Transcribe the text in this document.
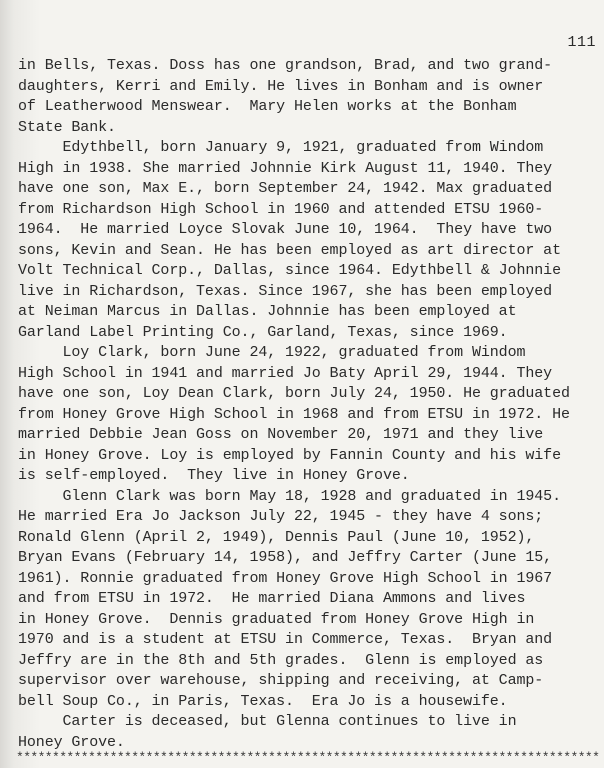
111
in Bells, Texas. Doss has one grandson, Brad, and two grand-
daughters, Kerri and Emily. He lives in Bonham and is owner
of Leatherwood Menswear.  Mary Helen works at the Bonham
State Bank.
Edythbell, born January 9, 1921, graduated from Windom
High in 1938. She married Johnnie Kirk August 11, 1940. They
have one son, Max E., born September 24, 1942. Max graduated
from Richardson High School in 1960 and attended ETSU 1960-
1964.  He married Loyce Slovak June 10, 1964.  They have two
sons, Kevin and Sean. He has been employed as art director at
Volt Technical Corp., Dallas, since 1964. Edythbell & Johnnie
live in Richardson, Texas. Since 1967, she has been employed
at Neiman Marcus in Dallas. Johnnie has been employed at
Garland Label Printing Co., Garland, Texas, since 1969.
Loy Clark, born June 24, 1922, graduated from Windom
High School in 1941 and married Jo Baty April 29, 1944. They
have one son, Loy Dean Clark, born July 24, 1950. He graduated
from Honey Grove High School in 1968 and from ETSU in 1972. He
married Debbie Jean Goss on November 20, 1971 and they live
in Honey Grove. Loy is employed by Fannin County and his wife
is self-employed.  They live in Honey Grove.
Glenn Clark was born May 18, 1928 and graduated in 1945.
He married Era Jo Jackson July 22, 1945 - they have 4 sons;
Ronald Glenn (April 2, 1949), Dennis Paul (June 10, 1952),
Bryan Evans (February 14, 1958), and Jeffry Carter (June 15,
1961). Ronnie graduated from Honey Grove High School in 1967
and from ETSU in 1972.  He married Diana Ammons and lives
in Honey Grove.  Dennis graduated from Honey Grove High in
1970 and is a student at ETSU in Commerce, Texas.  Bryan and
Jeffry are in the 8th and 5th grades.  Glenn is employed as
supervisor over warehouse, shipping and receiving, at Camp-
bell Soup Co., in Paris, Texas.  Era Jo is a housewife.
Carter is deceased, but Glenna continues to live in
Honey Grove.
*********************************************************************************
